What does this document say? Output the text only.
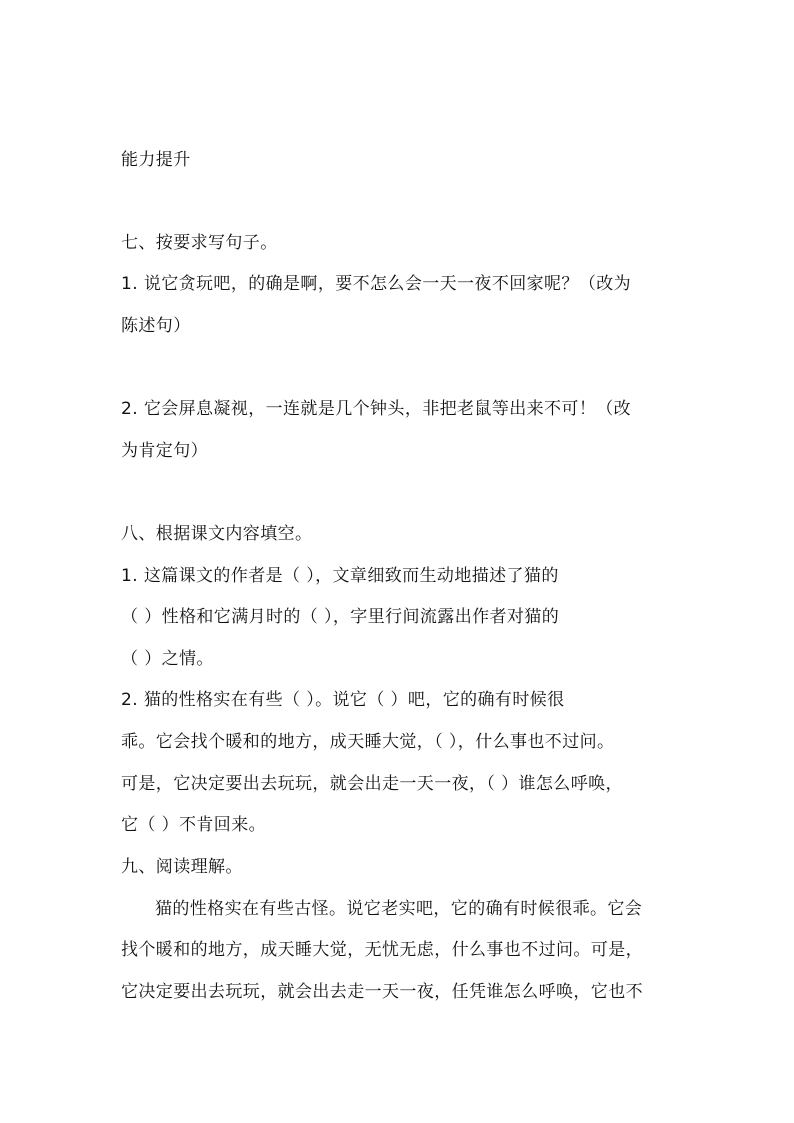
能力提升
七、按要求写句子。
1. 说它贪玩吧，的确是啊，要不怎么会一天一夜不回家呢？（改为
陈述句）
2. 它会屏息凝视，一连就是几个钟头，非把老鼠等出来不可！（改
为肯定句）
八、根据课文内容填空。
1. 这篇课文的作者是（ ），文章细致而生动地描述了猫的
（ ）性格和它满月时的（ ），字里行间流露出作者对猫的
（ ）之情。
2. 猫的性格实在有些（ ）。说它（ ）吧，它的确有时候很
乖。它会找个暖和的地方，成天睡大觉，（ ），什么事也不过问。
可是，它决定要出去玩玩，就会出走一天一夜，（ ）谁怎么呼唤，
它（ ）不肯回来。
九、阅读理解。
猫的性格实在有些古怪。说它老实吧，它的确有时候很乖。它会
找个暖和的地方，成天睡大觉，无忧无虑，什么事也不过问。可是，
它决定要出去玩玩，就会出去走一天一夜，任凭谁怎么呼唤，它也不
